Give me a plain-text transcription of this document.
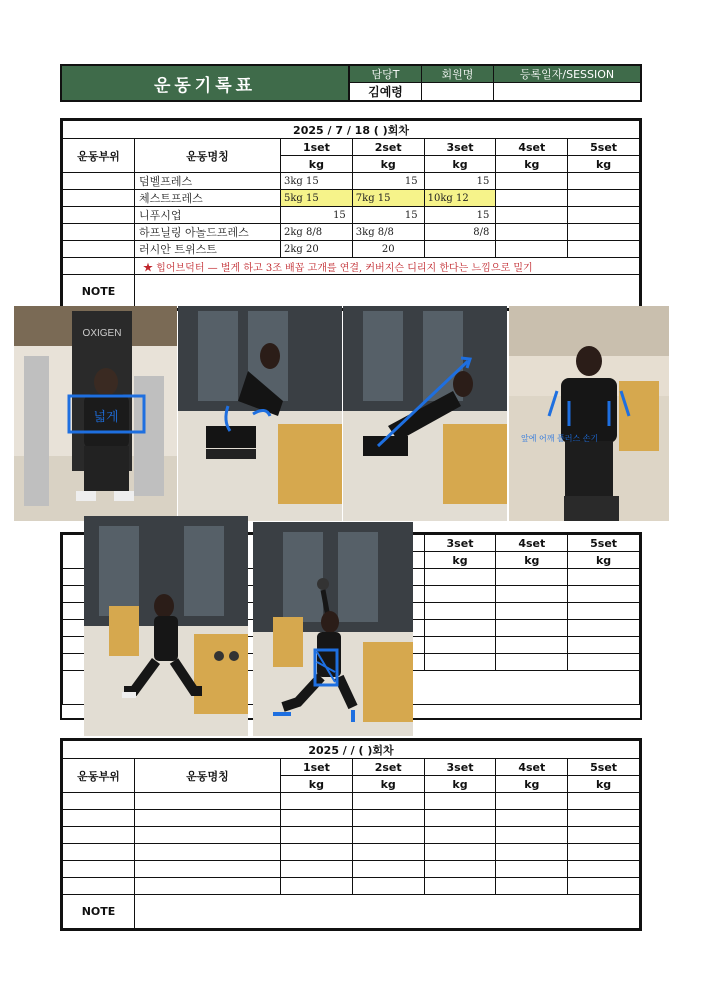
운동기록표
담당T	회원명	등록일자/SESSION
김예령
2025 / 7 / 18 ( )회차						
운동부위	운동명칭	1set	2set	3set	4set	5set
		kg	kg	kg	kg	kg
	덤벨프레스	3kg 15	15	15		
	체스트프레스	5kg 15	7kg 15	10kg 12		
	니푸시업	15	15	15		
	하프닐링 아놀드프레스	2kg 8/8	3kg 8/8	8/8		
	러시안 트위스트	2kg 20	20			
	★ 힙어브덕터 — 벌게 하고 3조 배꼽 고개를 연결, 커버지슨 디리지 한다는 느낌으로 밀기					
NOTE						
				3set	4set	5set
				kg	kg	kg

2025 / / ( )회차						
운동부위	운동명칭	1set	2set	3set	4set	5set
		kg	kg	kg	kg	kg

NOTE						
OXIGEN
넓게
앞에 어깨 플러스 손기
